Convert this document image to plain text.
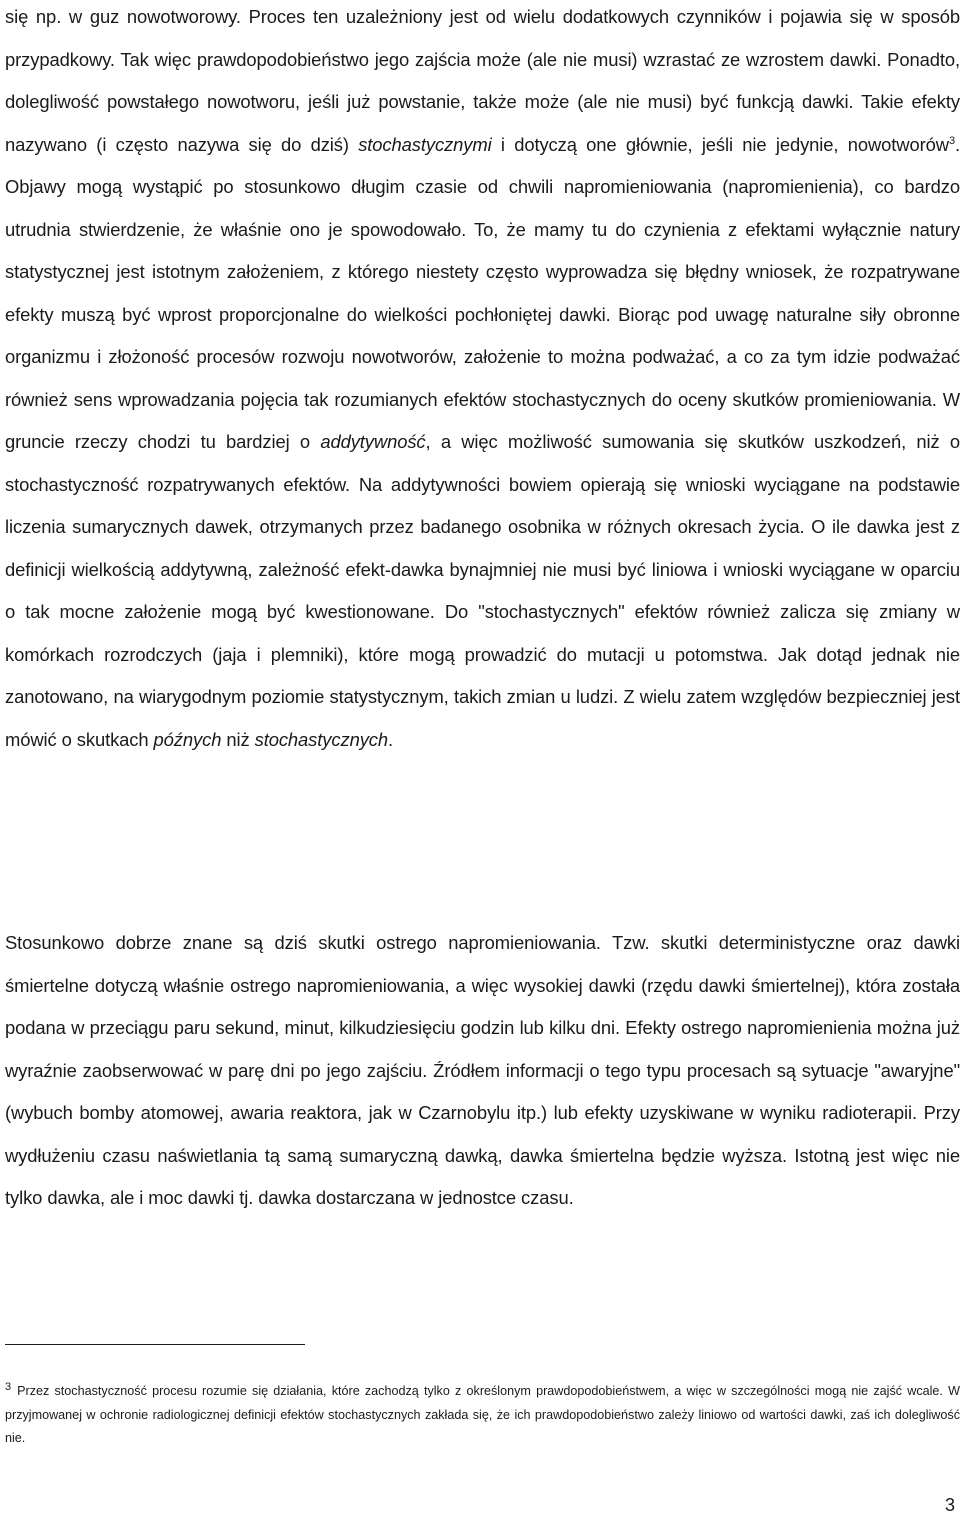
się np. w guz nowotworowy. Proces ten uzależniony jest od wielu dodatkowych czynników i pojawia się w sposób przypadkowy. Tak więc prawdopodobieństwo jego zajścia może (ale nie musi) wzrastać ze wzrostem dawki. Ponadto, dolegliwość powstałego nowotworu, jeśli już powstanie, także może (ale nie musi) być funkcją dawki. Takie efekty nazywano (i często nazywa się do dziś) stochastycznymi i dotyczą one głównie, jeśli nie jedynie, nowotworów$^3$. Objawy mogą wystąpić po stosunkowo długim czasie od chwili napromieniowania (napromienienia), co bardzo utrudnia stwierdzenie, że właśnie ono je spowodowało. To, że mamy tu do czynienia z efektami wyłącznie natury statystycznej jest istotnym założeniem, z którego niestety często wyprowadza się błędny wniosek, że rozpatrywane efekty muszą być wprost proporcjonalne do wielkości pochłoniętej dawki. Biorąc pod uwagę naturalne siły obronne organizmu i złożoność procesów rozwoju nowotworów, założenie to można podważać, a co za tym idzie podważać również sens wprowadzania pojęcia tak rozumianych efektów stochastycznych do oceny skutków promieniowania. W gruncie rzeczy chodzi tu bardziej o addytywność, a więc możliwość sumowania się skutków uszkodzeń, niż o stochastyczność rozpatrywanych efektów. Na addytywności bowiem opierają się wnioski wyciągane na podstawie liczenia sumarycznych dawek, otrzymanych przez badanego osobnika w różnych okresach życia. O ile dawka jest z definicji wielkością addytywną, zależność efekt-dawka bynajmniej nie musi być liniowa i wnioski wyciągane w oparciu o tak mocne założenie mogą być kwestionowane. Do "stochastycznych" efektów również zalicza się zmiany w komórkach rozrodczych (jaja i plemniki), które mogą prowadzić do mutacji u potomstwa. Jak dotąd jednak nie zanotowano, na wiarygodnym poziomie statystycznym, takich zmian u ludzi. Z wielu zatem względów bezpieczniej jest mówić o skutkach późnych niż stochastycznych.

Stosunkowo dobrze znane są dziś skutki ostrego napromieniowania. Tzw. skutki deterministyczne oraz dawki śmiertelne dotyczą właśnie ostrego napromieniowania, a więc wysokiej dawki (rzędu dawki śmiertelnej), która została podana w przeciągu paru sekund, minut, kilkudziesięciu godzin lub kilku dni. Efekty ostrego napromienienia można już wyraźnie zaobserwować w parę dni po jego zajściu. Źródłem informacji o tego typu procesach są sytuacje "awaryjne" (wybuch bomby atomowej, awaria reaktora, jak w Czarnobylu itp.) lub efekty uzyskiwane w wyniku radioterapii. Przy wydłużeniu czasu naświetlania tą samą sumaryczną dawką, dawka śmiertelna będzie wyższa. Istotną jest więc nie tylko dawka, ale i moc dawki tj. dawka dostarczana w jednostce czasu.

3 Przez stochastyczność procesu rozumie się działania, które zachodzą tylko z określonym prawdopodobieństwem, a więc w szczególności mogą nie zajść wcale. W przyjmowanej w ochronie radiologicznej definicji efektów stochastycznych zakłada się, że ich prawdopodobieństwo zależy liniowo od wartości dawki, zaś ich dolegliwość nie.

3
